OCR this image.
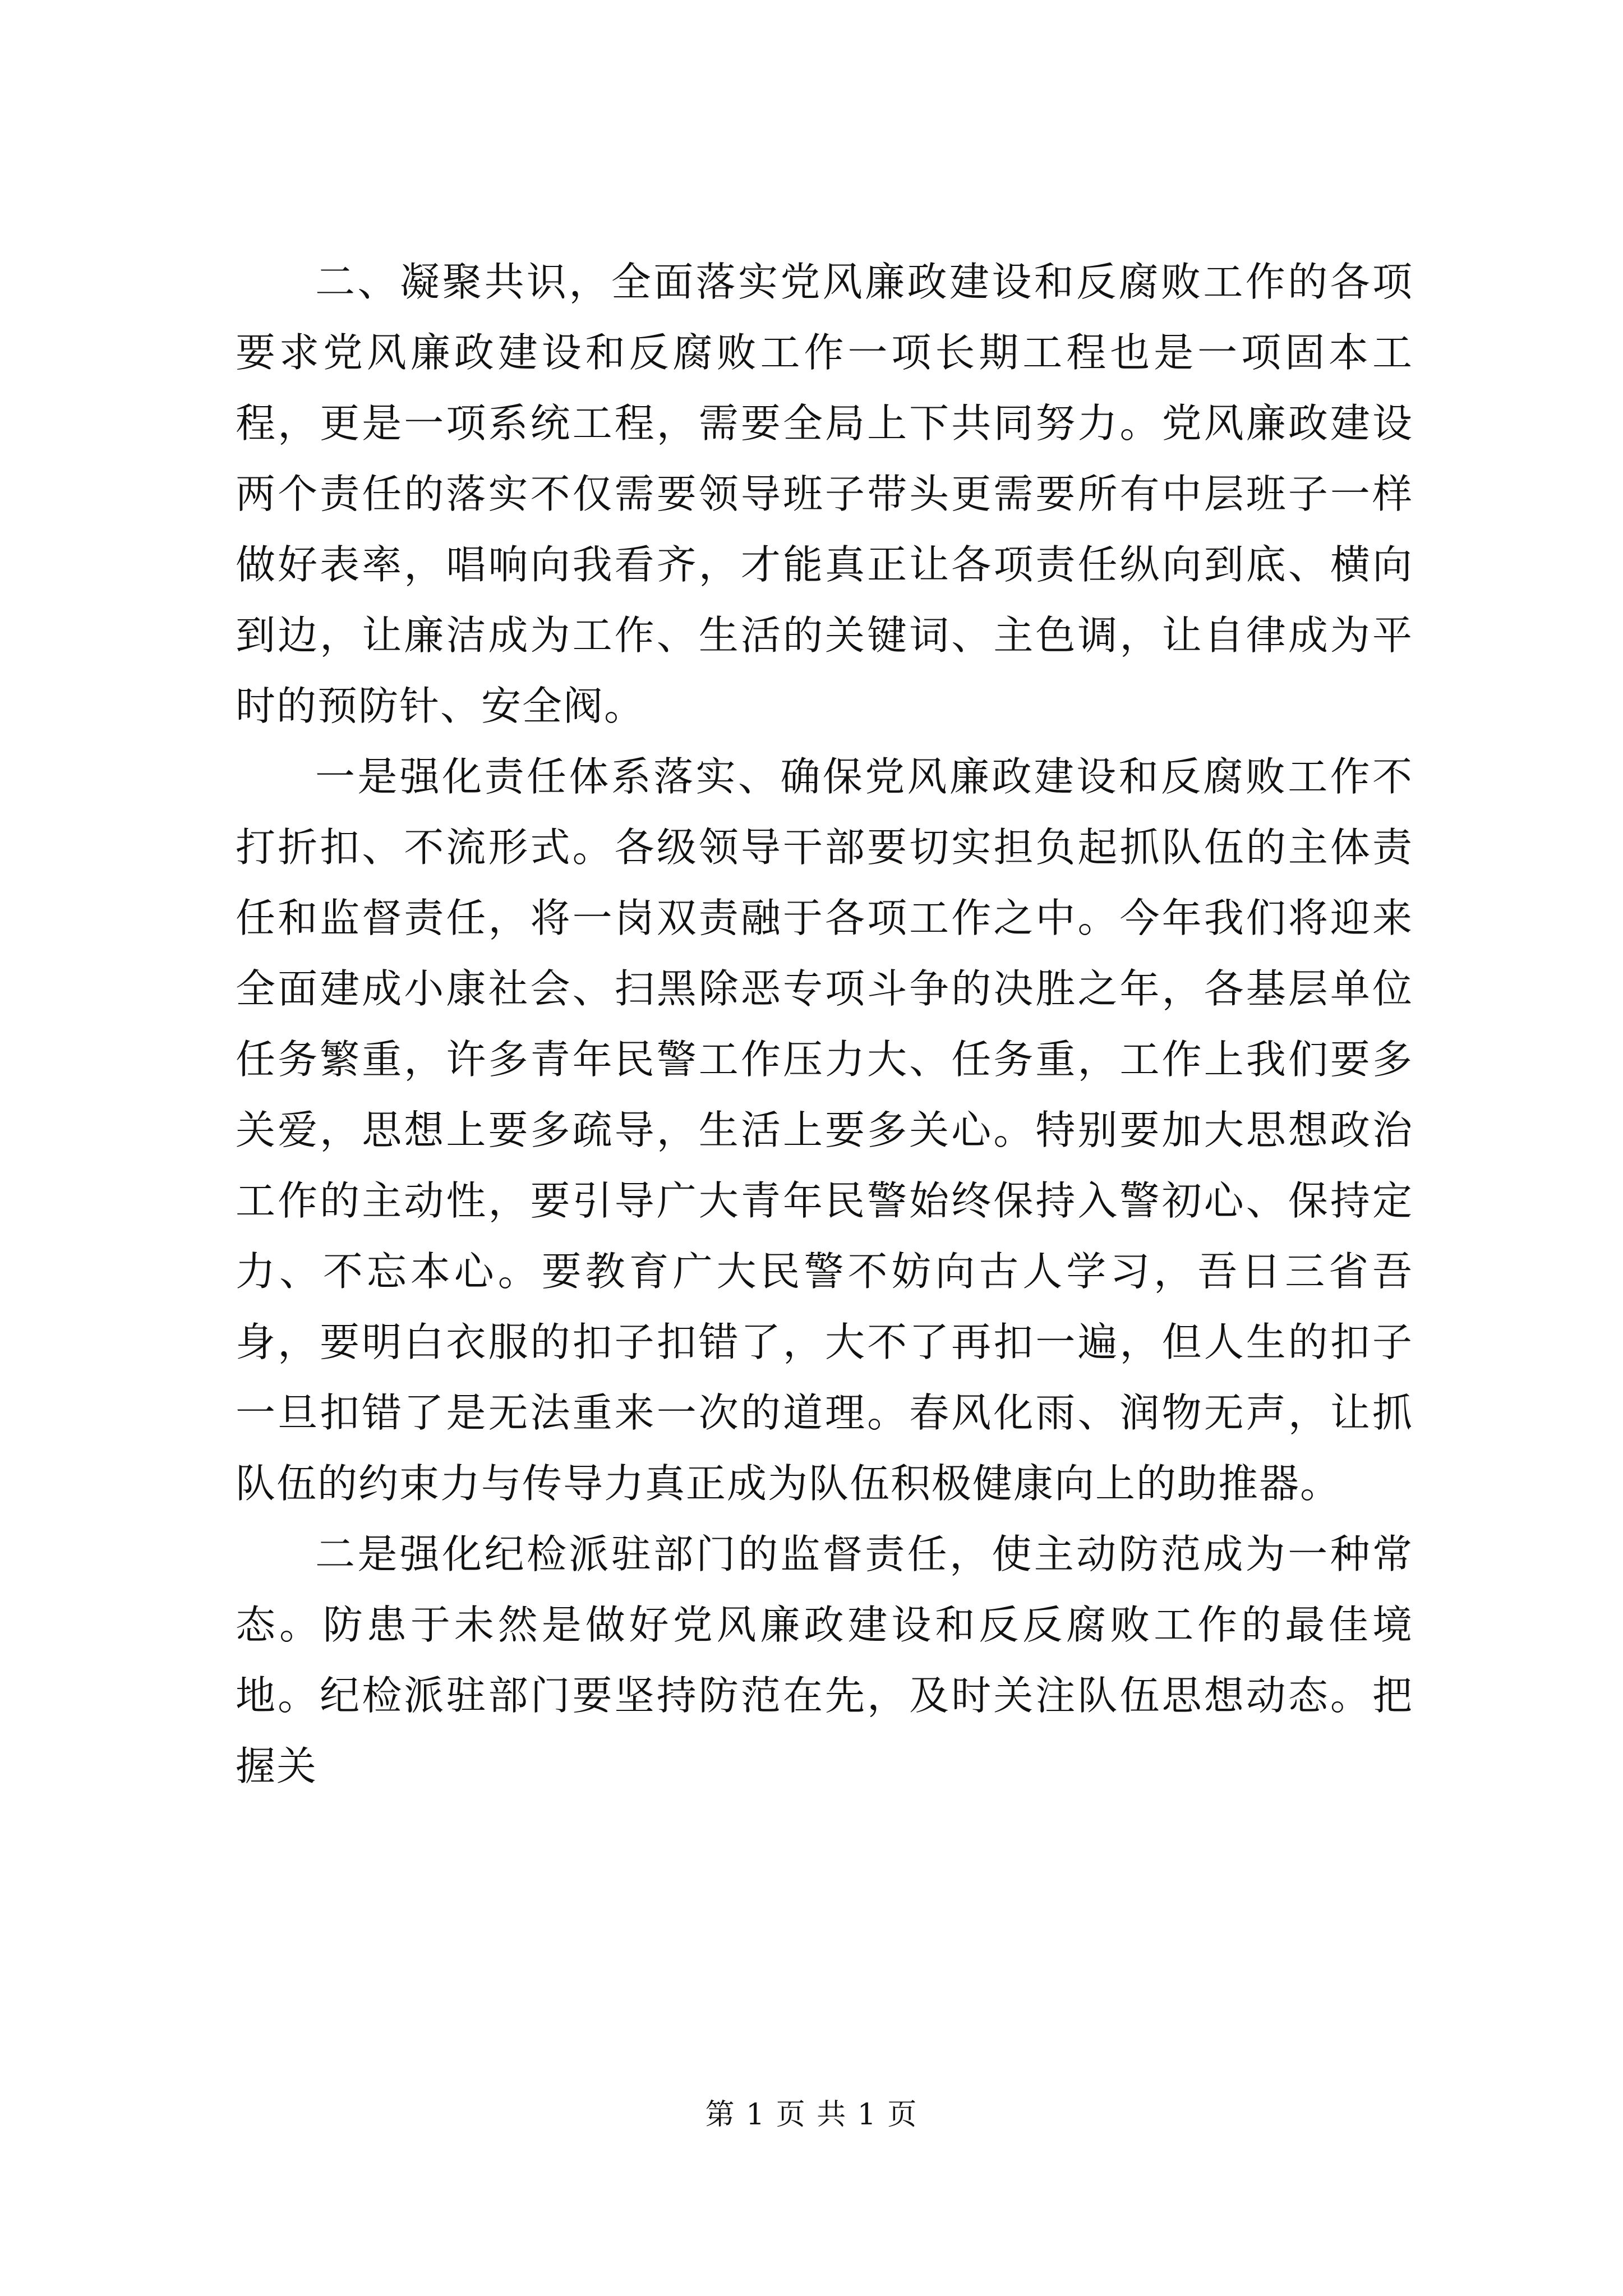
二、凝聚共识，全面落实党风廉政建设和反腐败工作的各项要求党风廉政建设和反腐败工作一项长期工程也是一项固本工程，更是一项系统工程，需要全局上下共同努力。党风廉政建设两个责任的落实不仅需要领导班子带头更需要所有中层班子一样做好表率，唱响向我看齐，才能真正让各项责任纵向到底、横向到边，让廉洁成为工作、生活的关键词、主色调，让自律成为平时的预防针、安全阀。

一是强化责任体系落实、确保党风廉政建设和反腐败工作不打折扣、不流形式。各级领导干部要切实担负起抓队伍的主体责任和监督责任，将一岗双责融于各项工作之中。今年我们将迎来全面建成小康社会、扫黑除恶专项斗争的决胜之年，各基层单位任务繁重，许多青年民警工作压力大、任务重，工作上我们要多关爱，思想上要多疏导，生活上要多关心。特别要加大思想政治工作的主动性，要引导广大青年民警始终保持入警初心、保持定力、不忘本心。要教育广大民警不妨向古人学习，吾日三省吾身，要明白衣服的扣子扣错了，大不了再扣一遍，但人生的扣子一旦扣错了是无法重来一次的道理。春风化雨、润物无声，让抓队伍的约束力与传导力真正成为队伍积极健康向上的助推器。

二是强化纪检派驻部门的监督责任，使主动防范成为一种常态。防患于未然是做好党风廉政建设和反反腐败工作的最佳境地。纪检派驻部门要坚持防范在先，及时关注队伍思想动态。把握关

第 1 页 共 1 页
